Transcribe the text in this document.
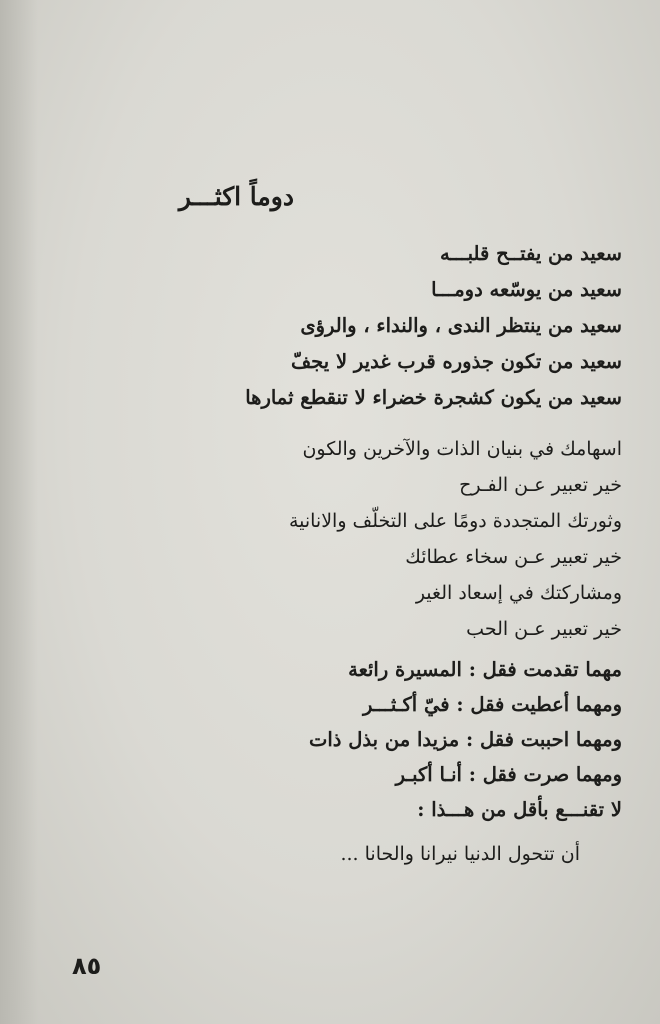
دوماً اكثـــر
سعيد من يفتــح قلبـــه
سعيد من يوسّعه دومـــا
سعيد من ينتظر الندى ، والنداء ، والرؤى
سعيد من تكون جذوره قرب غدير لا يجفّ
سعيد من يكون كشجرة خضراء لا تنقطع ثمارها
اسهامك في بنيان الذات والآخرين والكون
خير تعبير عـن الفـرح
وثورتك المتجددة دومًا على التخلّف والانانية
خير تعبير عـن سخاء عطائك
ومشاركتك في إسعاد الغير
خير تعبير عـن الحب
مهما تقدمت فقل : المسيرة رائعة
ومهما أعطيت فقل : فيّ أكـثـــر
ومهما احببت فقل : مزيدا من بذل ذات
ومهما صرت فقل : أنـا أكبـر
لا تقنـــع بأقل من هـــذا :
أن تتحول الدنيا نيرانا والحانا ...
٨٥
